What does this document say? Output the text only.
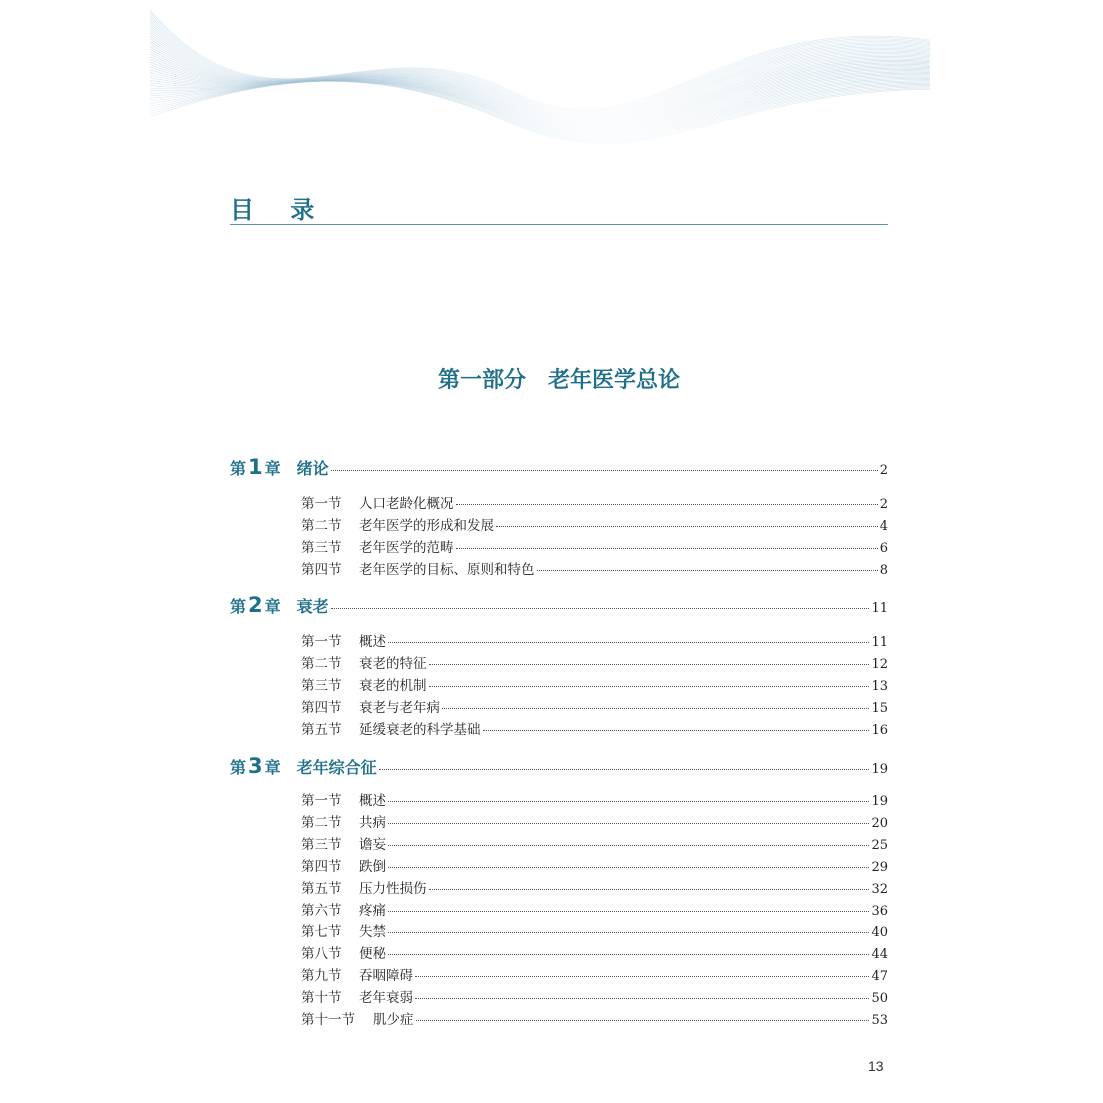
目 录
第一部分　老年医学总论
第1 章 绪论	2
第一节	人口老龄化概况	2
第二节	老年医学的形成和发展	4
第三节	老年医学的范畴	6
第四节	老年医学的目标、原则和特色	8
第2 章 衰老	11
第一节	概述	11
第二节	衰老的特征	12
第三节	衰老的机制	13
第四节	衰老与老年病	15
第五节	延缓衰老的科学基础	16
第3 章 老年综合征	19
第一节	概述	19
第二节	共病	20
第三节	谵妄	25
第四节	跌倒	29
第五节	压力性损伤	32
第六节	疼痛	36
第七节	失禁	40
第八节	便秘	44
第九节	吞咽障碍	47
第十节	老年衰弱	50
第十一节	肌少症	53
13
